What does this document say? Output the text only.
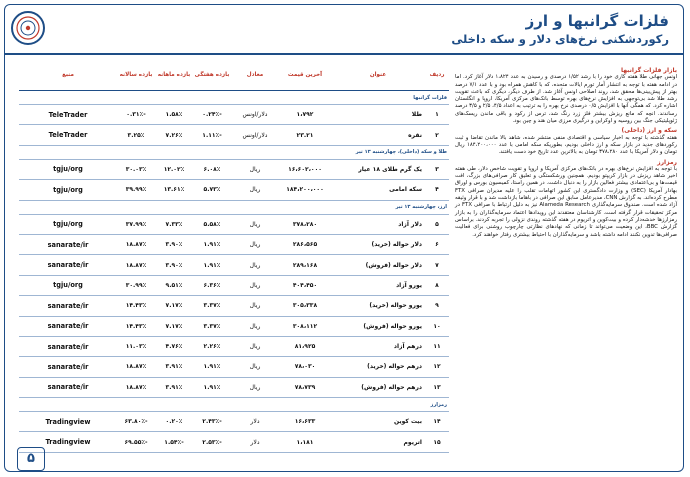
فلزات گرانبها و ارز
رکوردشکنی نرخ‌های دلار و سکه داخلی
ردیف	عنوان	آخرین قیمت	معادل	بازده هفتگی	بازده ماهانه	بازده سالانه	منبع
فلزات گرانبها							
۱	طلا	۱،۷۹۲	دلار/اونس	-۰.۲۴٪	۱.۵۸٪	-۰.۳۱٪	TeleTrader
۲	نقره	۲۳.۲۱	دلار/اونس	-۱.۱۱٪	۷.۲۶٪	۳.۲۵٪	TeleTrader
طلا و سکه (داخلی)، چهارشنبه ۱۳ تیر							
۳	یک گرم طلای ۱۸ عیار	۱۶،۶۰۲،۰۰۰	ریال	۶.۰۸٪	۱۲.۰۲٪	۳۰.۰۳٪	tgju/org
۴	سکه امامی	۱۸۴،۲۰۰،۰۰۰	ریال	۵.۷۳٪	۱۳.۶۱٪	۳۹.۹۹٪	tgju/org
ارز، چهارشنبه ۱۳ تیر							
۵	دلار آزاد	۳۷۸،۲۸۰	ریال	۵.۵۸٪	۷.۳۳٪	۳۷.۹۹٪	tgju/org
۶	دلار حواله (خرید)	۲۸۶،۵۶۵	ریال	۱.۹۱٪	۳.۹۰٪	۱۸.۸۷٪	sanarate/ir
۷	دلار حواله (فروش)	۲۸۹،۱۶۸	ریال	۱.۹۱٪	۳.۹۰٪	۱۸.۸۷٪	sanarate/ir
۸	یورو آزاد	۴۰۴،۴۵۰	ریال	۶.۳۶٪	۹.۵۱٪	۳۰.۹۹٪	tgju/org
۹	یورو حواله (خرید)	۳۰۵،۳۳۸	ریال	۳.۳۷٪	۷.۱۷٪	۱۴.۴۳٪	sanarate/ir
۱۰	یورو حواله (فروش)	۳۰۸،۱۱۲	ریال	۳.۳۷٪	۷.۱۷٪	۱۴.۴۳٪	sanarate/ir
۱۱	درهم آزاد	۸۱،۹۲۵	ریال	۲.۲۶٪	۴.۷۶٪	۱۱.۰۳٪	sanarate/ir
۱۲	درهم حواله (خرید)	۷۸،۰۳۰	ریال	۱.۹۱٪	۳.۹۱٪	۱۸.۸۷٪	sanarate/ir
۱۳	درهم حواله (فروش)	۷۸،۷۳۹	ریال	۱.۹۱٪	۳.۹۱٪	۱۸.۸۷٪	sanarate/ir
رمزارز							
۱۴	بیت کوین	۱۶،۶۳۳	دلار	-۲.۴۳٪	۰.۲۰٪	-۶۳.۸۰٪	Tradingview
۱۵	اتریوم	۱،۱۸۱	دلار	-۲.۵۳٪	-۱.۵۴٪	-۶۹.۵۵٪	Tradingview
بازار فلزات گرانبها

اونس جهانی طلا هفته کاری خود را با رشد ۱/۵۲ درصدی و رسیدن به عدد ۱،۸۲۴ دلار آغاز کرد. اما در ادامه هفته با توجه به انتشار آمار تورم ایالات متحده، که با کاهش همراه بود و با عدد ۷/۱ درصد بهتر از پیش‌بینی‌ها محقق شد، روند اصلاحی اونس آغاز شد. از طرف دیگر، دیگری که باعث تقویت رشد طلا شد بی‌توجهی به افزایش نرخ‌های بهره توسط بانک‌های مرکزی آمریکا، اروپا و انگلستان اشاره کرد. که همگی آنها با افزایش ۰/۵ درصدی نرخ بهره را به ترتیب به اعداد ۴/۵، ۲/۵ و ۳/۵ درصد رساندند. انچه که مانع ریزش بیشتر فلز زرد رنگ شد، ترس از رکود و باقی ماندن ریسک‌های ژئوپلیتیکی جنگ بین روسیه و اوکراین و درگیری مرزی میان هند و چین بود.

سکه و ارز (داخلی)

هفته گذشته با توجه به اخبار سیاسی و اقتصادی منفی منتشر شده، شاهد بالا ماندن تقاضا و ثبت رکوردهای جدید در بازار سکه و ارز داخلی بودیم، بطوریکه سکه امامی با عدد ۱۸۴،۲۰۰،۰۰۰ ریال تومان و دلار آمریکا با عدد ۳۷۸،۲۸۰ تومان به بالاترین عدد تاریخ خود دست یافتند.

رمزارز

با توجه به افزایش نرخ‌های بهره در بانک‌های مرکزی آمریکا و اروپا و تقویت شاخص دلار، طی هفته اخیر شاهد ریزش در بازار کریپتو بودیم. همچنین ورشکستگی و تعلیق کار صرافی‌های بزرگ، افت قیمت‌ها و بی‌اعتمادی بیشتر فعالین بازار را به دنبال داشت. در همین راستا، کمیسیون بورس و اوراق بهادار آمریکا (SEC) و وزارت دادگستری این کشور اتهامات تقلب را علیه مدیران صرافی FTX مطرح کرده‌اند. به گزارش CNN، مدیرعامل سابق این صرافی در باهاما بازداشت شد و با قرار وثیقه آزاد شده است. صندوق سرمایه‌گذاری Alameda Research نیز به دلیل ارتباط با صرافی FTX در مرکز تحقیقات قرار گرفته است. کارشناسان معتقدند این رویدادها اعتماد سرمایه‌گذاران را به بازار رمزارزها خدشه‌دار کرده و بیت‌کوین و اتریوم در هفته گذشته روندی نزولی را تجربه کردند. براساس گزارش BBC، این وضعیت می‌تواند تا زمانی که نهادهای نظارتی چارچوب روشنی برای فعالیت صرافی‌ها تدوین نکنند ادامه داشته باشد و سرمایه‌گذاران با احتیاط بیشتری رفتار خواهند کرد.

۵
